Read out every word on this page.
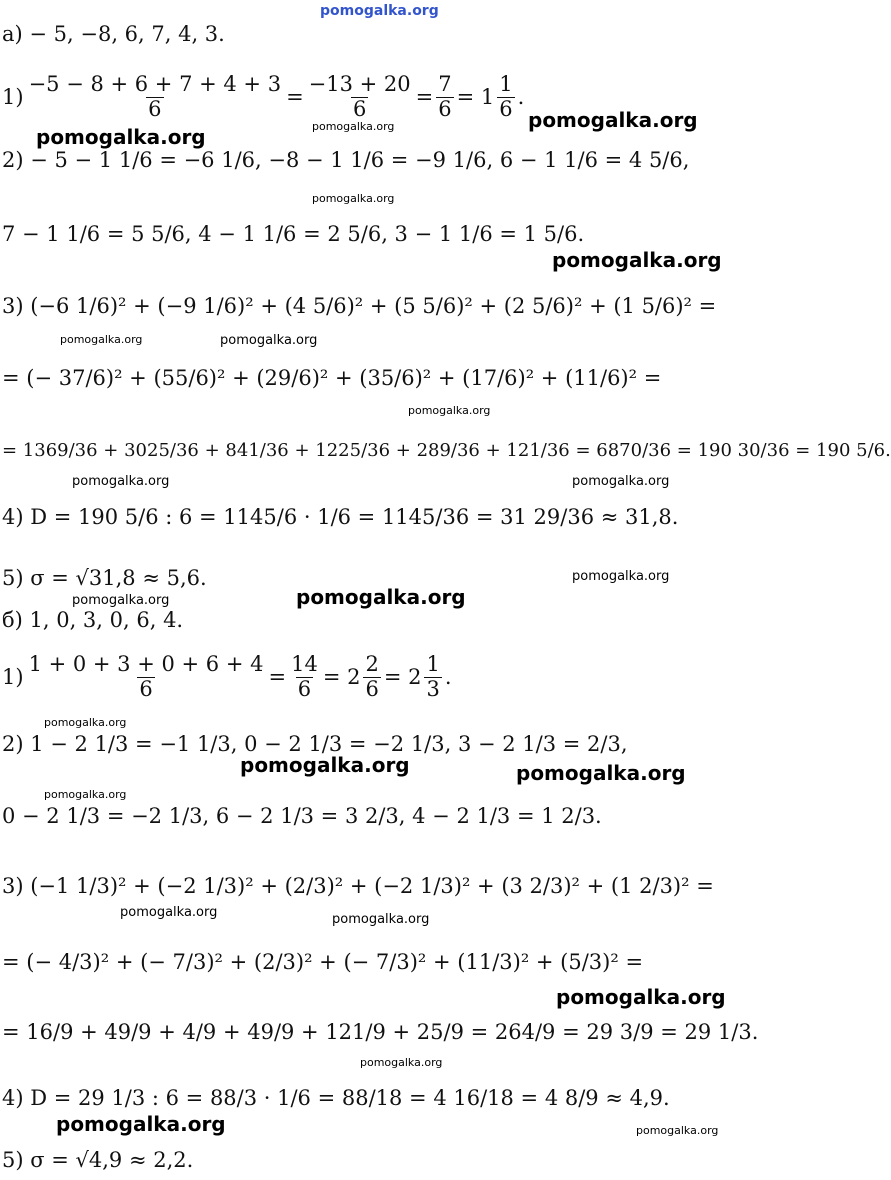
pomogalka.org
а) − 5, −8, 6, 7, 4, 3.
$1) \frac{-5 - 8 + 6 + 7 + 4 + 3}{6} = \frac{-13 + 20}{6} = \frac{7}{6} = 1 \frac{1}{6}$ .
2) − 5 − 1 1/6 = −6 1/6, −8 − 1 1/6 = −9 1/6, 6 − 1 1/6 = 4 5/6,
7 − 1 1/6 = 5 5/6, 4 − 1 1/6 = 2 5/6, 3 − 1 1/6 = 1 5/6.
3) (−6 1/6)² + (−9 1/6)² + (4 5/6)² + (5 5/6)² + (2 5/6)² + (1 5/6)² =
= (− 37/6)² + (55/6)² + (29/6)² + (35/6)² + (17/6)² + (11/6)² =
= 1369/36 + 3025/36 + 841/36 + 1225/36 + 289/36 + 121/36 = 6870/36 = 190 30/36 = 190 5/6.
4) D = 190 5/6 : 6 = 1145/6 · 1/6 = 1145/36 = 31 29/36 ≈ 31,8.
5) σ = √31,8 ≈ 5,6.
б) 1, 0, 3, 0, 6, 4.
$1) \frac{1 + 0 + 3 + 0 + 6 + 4}{6} = \frac{14}{6} = 2 \frac{2}{6} = 2 \frac{1}{3}$ .
2) 1 − 2 1/3 = −1 1/3, 0 − 2 1/3 = −2 1/3, 3 − 2 1/3 = 2/3,
0 − 2 1/3 = −2 1/3, 6 − 2 1/3 = 3 2/3, 4 − 2 1/3 = 1 2/3.
3) (−1 1/3)² + (−2 1/3)² + (2/3)² + (−2 1/3)² + (3 2/3)² + (1 2/3)² =
= (− 4/3)² + (− 7/3)² + (2/3)² + (− 7/3)² + (11/3)² + (5/3)² =
= 16/9 + 49/9 + 4/9 + 49/9 + 121/9 + 25/9 = 264/9 = 29 3/9 = 29 1/3.
4) D = 29 1/3 : 6 = 88/3 · 1/6 = 88/18 = 4 16/18 = 4 8/9 ≈ 4,9.
5) σ = √4,9 ≈ 2,2.
pomogalka.org
pomogalka.org
pomogalka.org
pomogalka.org
pomogalka.org
pomogalka.org	pomogalka.org
pomogalka.org
pomogalka.org	pomogalka.org
pomogalka.org
pomogalka.org	pomogalka.org
pomogalka.org
pomogalka.org	pomogalka.org
pomogalka.org
pomogalka.org	pomogalka.org
pomogalka.org
pomogalka.org
pomogalka.org	pomogalka.org
